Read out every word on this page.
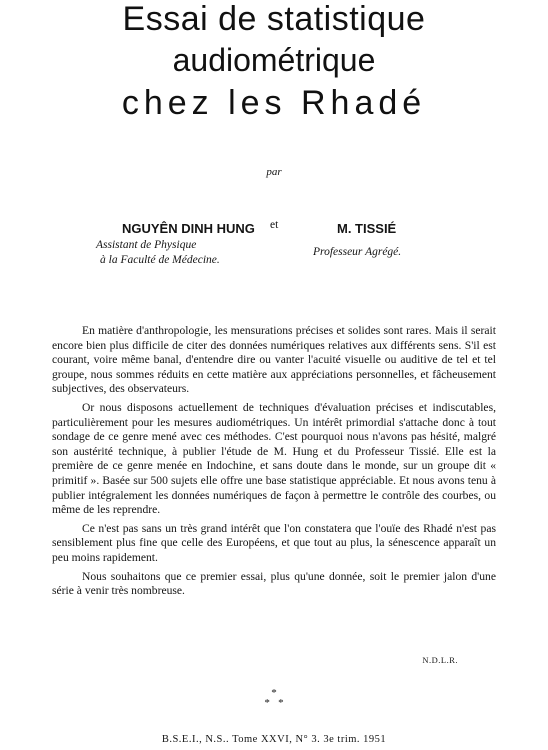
Essai de statistique
audiométrique
chez les Rhadé
par
NGUYÊN DINH HUNG et	M. TISSIÉ
Assistant de Physique
à la Faculté de Médecine.
Professeur Agrégé.

En matière d'anthropologie, les mensurations précises et solides sont rares. Mais il serait encore bien plus difficile de citer des données numériques relatives aux différents sens. S'il est courant, voire même banal, d'entendre dire ou vanter l'acuité visuelle ou auditive de tel et tel groupe, nous sommes réduits en cette matière aux appréciations personnelles, et fâcheusement subjectives, des observateurs.

Or nous disposons actuellement de techniques d'évaluation précises et indiscutables, particulièrement pour les mesures audiométriques. Un intérêt primordial s'attache donc à tout sondage de ce genre mené avec ces méthodes. C'est pourquoi nous n'avons pas hésité, malgré son austérité technique, à publier l'étude de M. Hung et du Professeur Tissié. Elle est la première de ce genre menée en Indochine, et sans doute dans le monde, sur un groupe dit « primitif ». Basée sur 500 sujets elle offre une base statistique appréciable. Et nous avons tenu à publier intégralement les données numériques de façon à permettre le contrôle des courbes, ou même de les reprendre.

Ce n'est pas sans un très grand intérêt que l'on constatera que l'ouïe des Rhadé n'est pas sensiblement plus fine que celle des Européens, et que tout au plus, la sénescence apparaît un peu moins rapidement.

Nous souhaitons que ce premier essai, plus qu'une donnée, soit le premier jalon d'une série à venir très nombreuse.

N.D.L.R.
*
*   *
B.S.E.I., N.S.. Tome XXVI, N° 3. 3e trim. 1951
